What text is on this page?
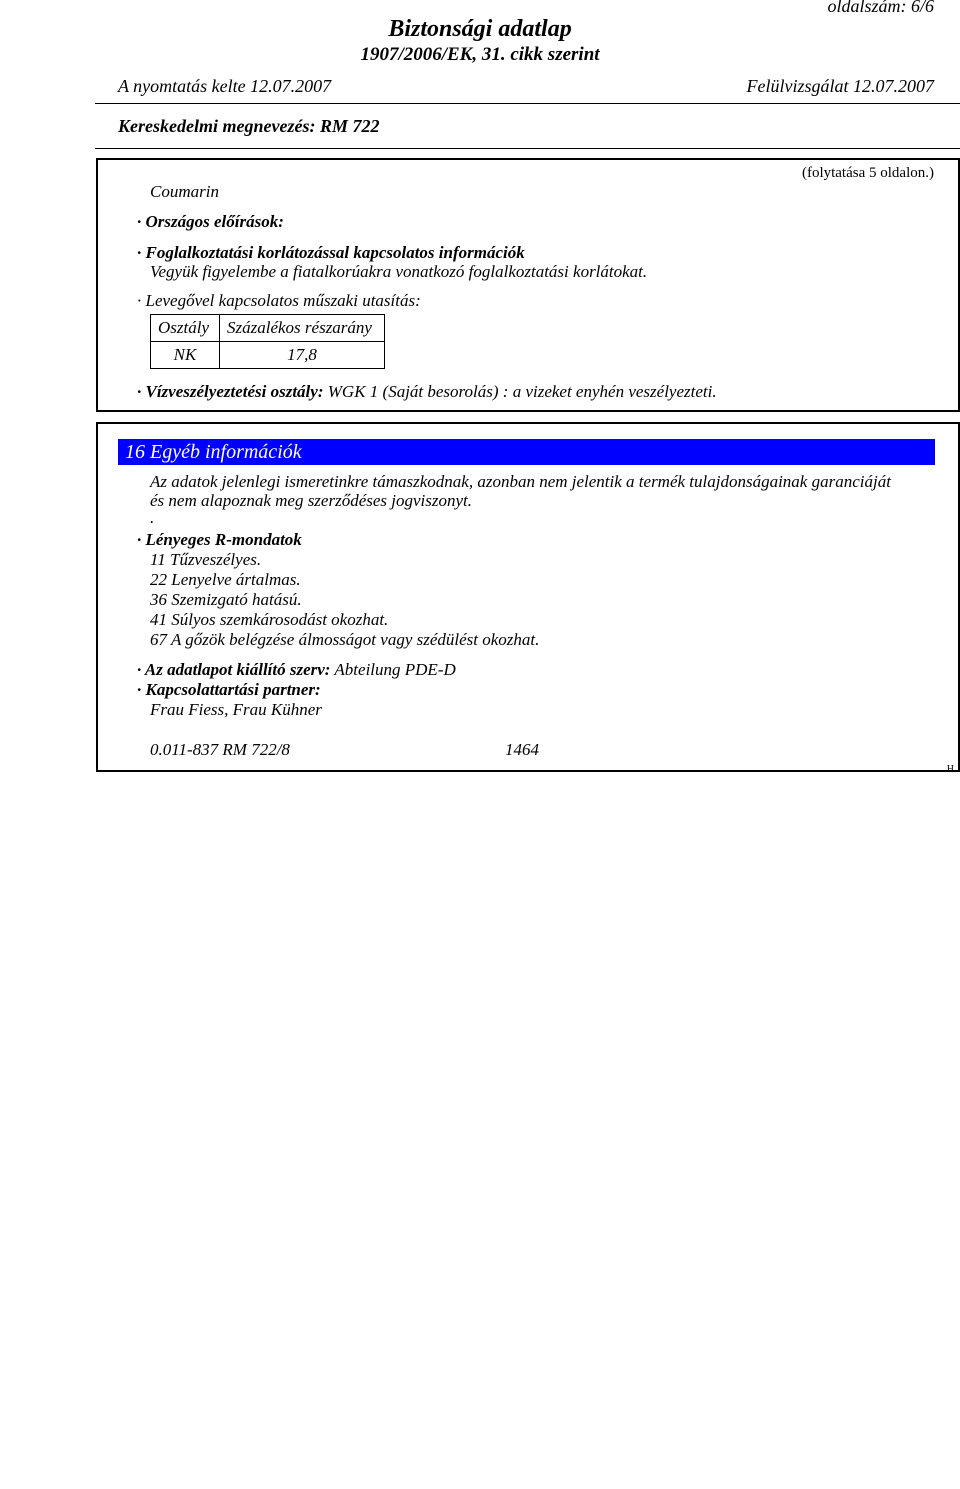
oldalszám: 6/6
Biztonsági adatlap
1907/2006/EK, 31. cikk szerint
A nyomtatás kelte 12.07.2007	Felülvizsgálat 12.07.2007
Kereskedelmi megnevezés: RM 722
(folytatása 5 oldalon.)
Coumarin
· Országos előírások:
· Foglalkoztatási korlátozással kapcsolatos információk
Vegyük figyelembe a fiatalkorúakra vonatkozó foglalkoztatási korlátokat.
· Levegővel kapcsolatos műszaki utasítás:
Osztály	Százalékos részarány
NK	17,8
· Vízveszélyeztetési osztály: WGK 1 (Saját besorolás) : a vizeket enyhén veszélyezteti.
16 Egyéb információk
Az adatok jelenlegi ismeretinkre támaszkodnak, azonban nem jelentik a termék tulajdonságainak garanciáját
és nem alapoznak meg szerződéses jogviszonyt.
.
· Lényeges R-mondatok
11 Tűzveszélyes.
22 Lenyelve ártalmas.
36 Szemizgató hatású.
41 Súlyos szemkárosodást okozhat.
67 A gőzök belégzése álmosságot vagy szédülést okozhat.
· Az adatlapot kiállító szerv: Abteilung PDE-D
· Kapcsolattartási partner:
Frau Fiess, Frau Kühner
0.011-837 RM 722/8	1464
H
